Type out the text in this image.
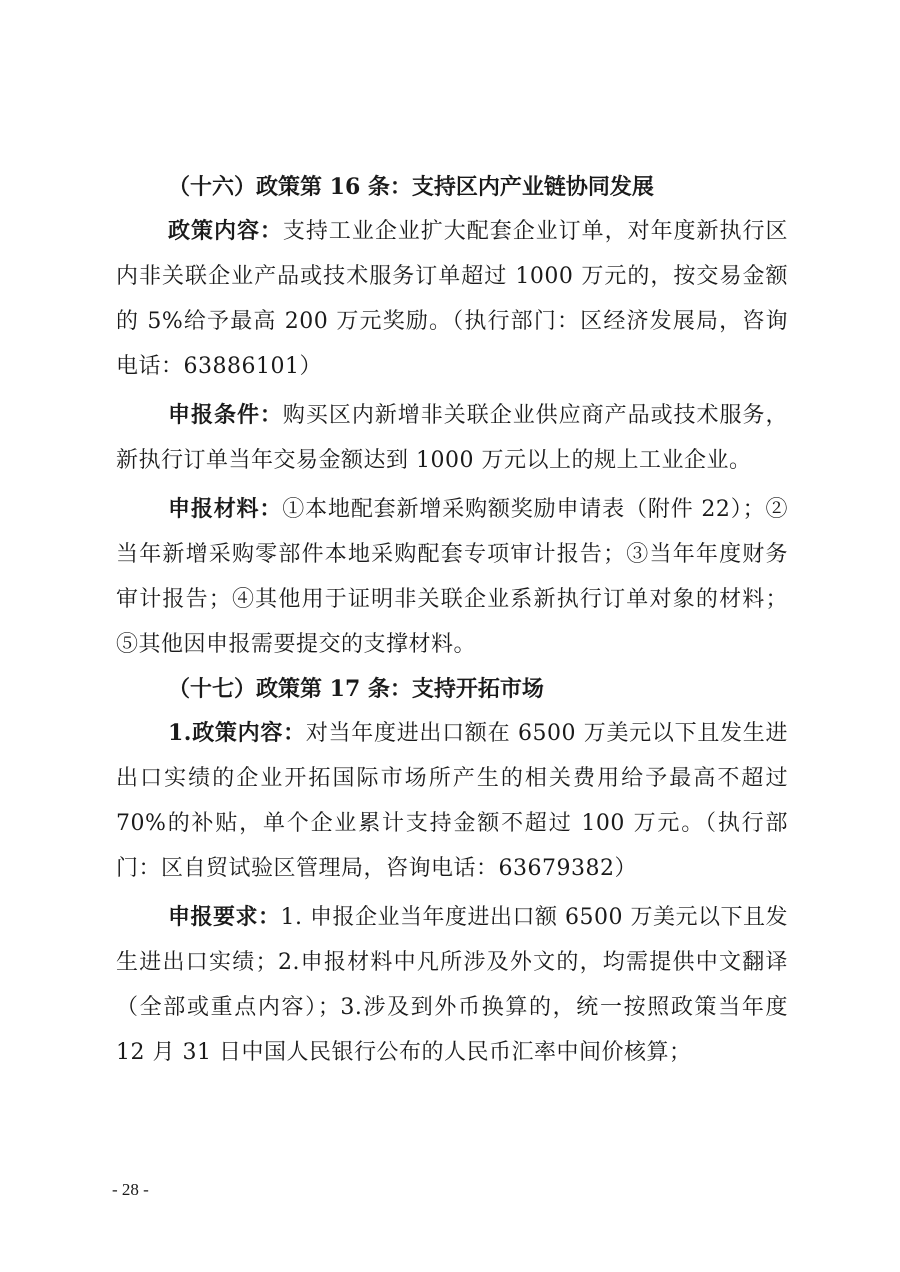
（十六）政策第 16 条：支持区内产业链协同发展

政策内容：支持工业企业扩大配套企业订单，对年度新执行区内非关联企业产品或技术服务订单超过 1000 万元的，按交易金额的 5%给予最高 200 万元奖励。（执行部门：区经济发展局，咨询电话：63886101）

申报条件：购买区内新增非关联企业供应商产品或技术服务，新执行订单当年交易金额达到 1000 万元以上的规上工业企业。

申报材料：①本地配套新增采购额奖励申请表（附件 22）；②当年新增采购零部件本地采购配套专项审计报告；③当年年度财务审计报告；④其他用于证明非关联企业系新执行订单对象的材料；⑤其他因申报需要提交的支撑材料。

（十七）政策第 17 条：支持开拓市场

1.政策内容：对当年度进出口额在 6500 万美元以下且发生进出口实绩的企业开拓国际市场所产生的相关费用给予最高不超过 70%的补贴，单个企业累计支持金额不超过 100 万元。（执行部门：区自贸试验区管理局，咨询电话：63679382）

申报要求：1. 申报企业当年度进出口额 6500 万美元以下且发生进出口实绩；2.申报材料中凡所涉及外文的，均需提供中文翻译（全部或重点内容）；3.涉及到外币换算的，统一按照政策当年度 12 月 31 日中国人民银行公布的人民币汇率中间价核算；

- 28 -
